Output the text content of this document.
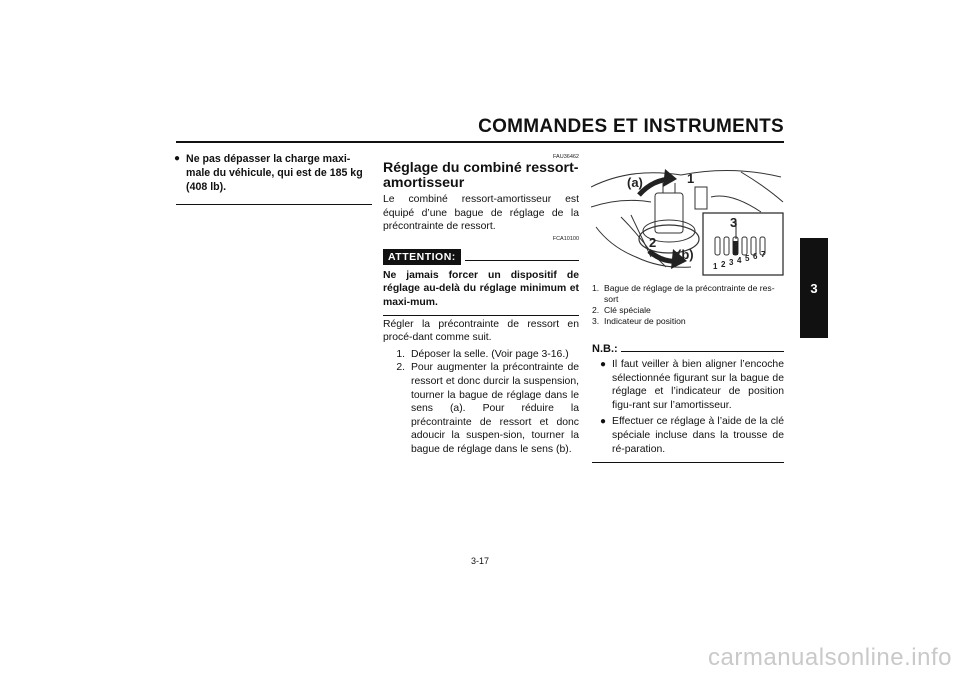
COMMANDES ET INSTRUMENTS
3
● Ne pas dépasser la charge maxi-male du véhicule, qui est de 185 kg (408 lb).
FAU36462
Réglage du combiné ressort-amortisseur

Le combiné ressort-amortisseur est équipé d’une bague de réglage de la précontrainte de ressort.

FCA10100
ATTENTION:
Ne jamais forcer un dispositif de réglage au-delà du réglage minimum et maxi-mum.

Régler la précontrainte de ressort en procé-dant comme suit.

1. Déposer la selle. (Voir page 3-16.)
2. Pour augmenter la précontrainte de ressort et donc durcir la suspension, tourner la bague de réglage dans le sens (a). Pour réduire la précontrainte de ressort et donc adoucir la suspen-sion, tourner la bague de réglage dans le sens (b).
(a)	1
2
(b)
3
1 2 3 4 5 6 7
1. Bague de réglage de la précontrainte de res-sort
2. Clé spéciale
3. Indicateur de position
N.B.:
● Il faut veiller à bien aligner l’encoche sélectionnée figurant sur la bague de réglage et l’indicateur de position figu-rant sur l’amortisseur.
● Effectuer ce réglage à l’aide de la clé spéciale incluse dans la trousse de ré-paration.
3-17
carmanualsonline.info
